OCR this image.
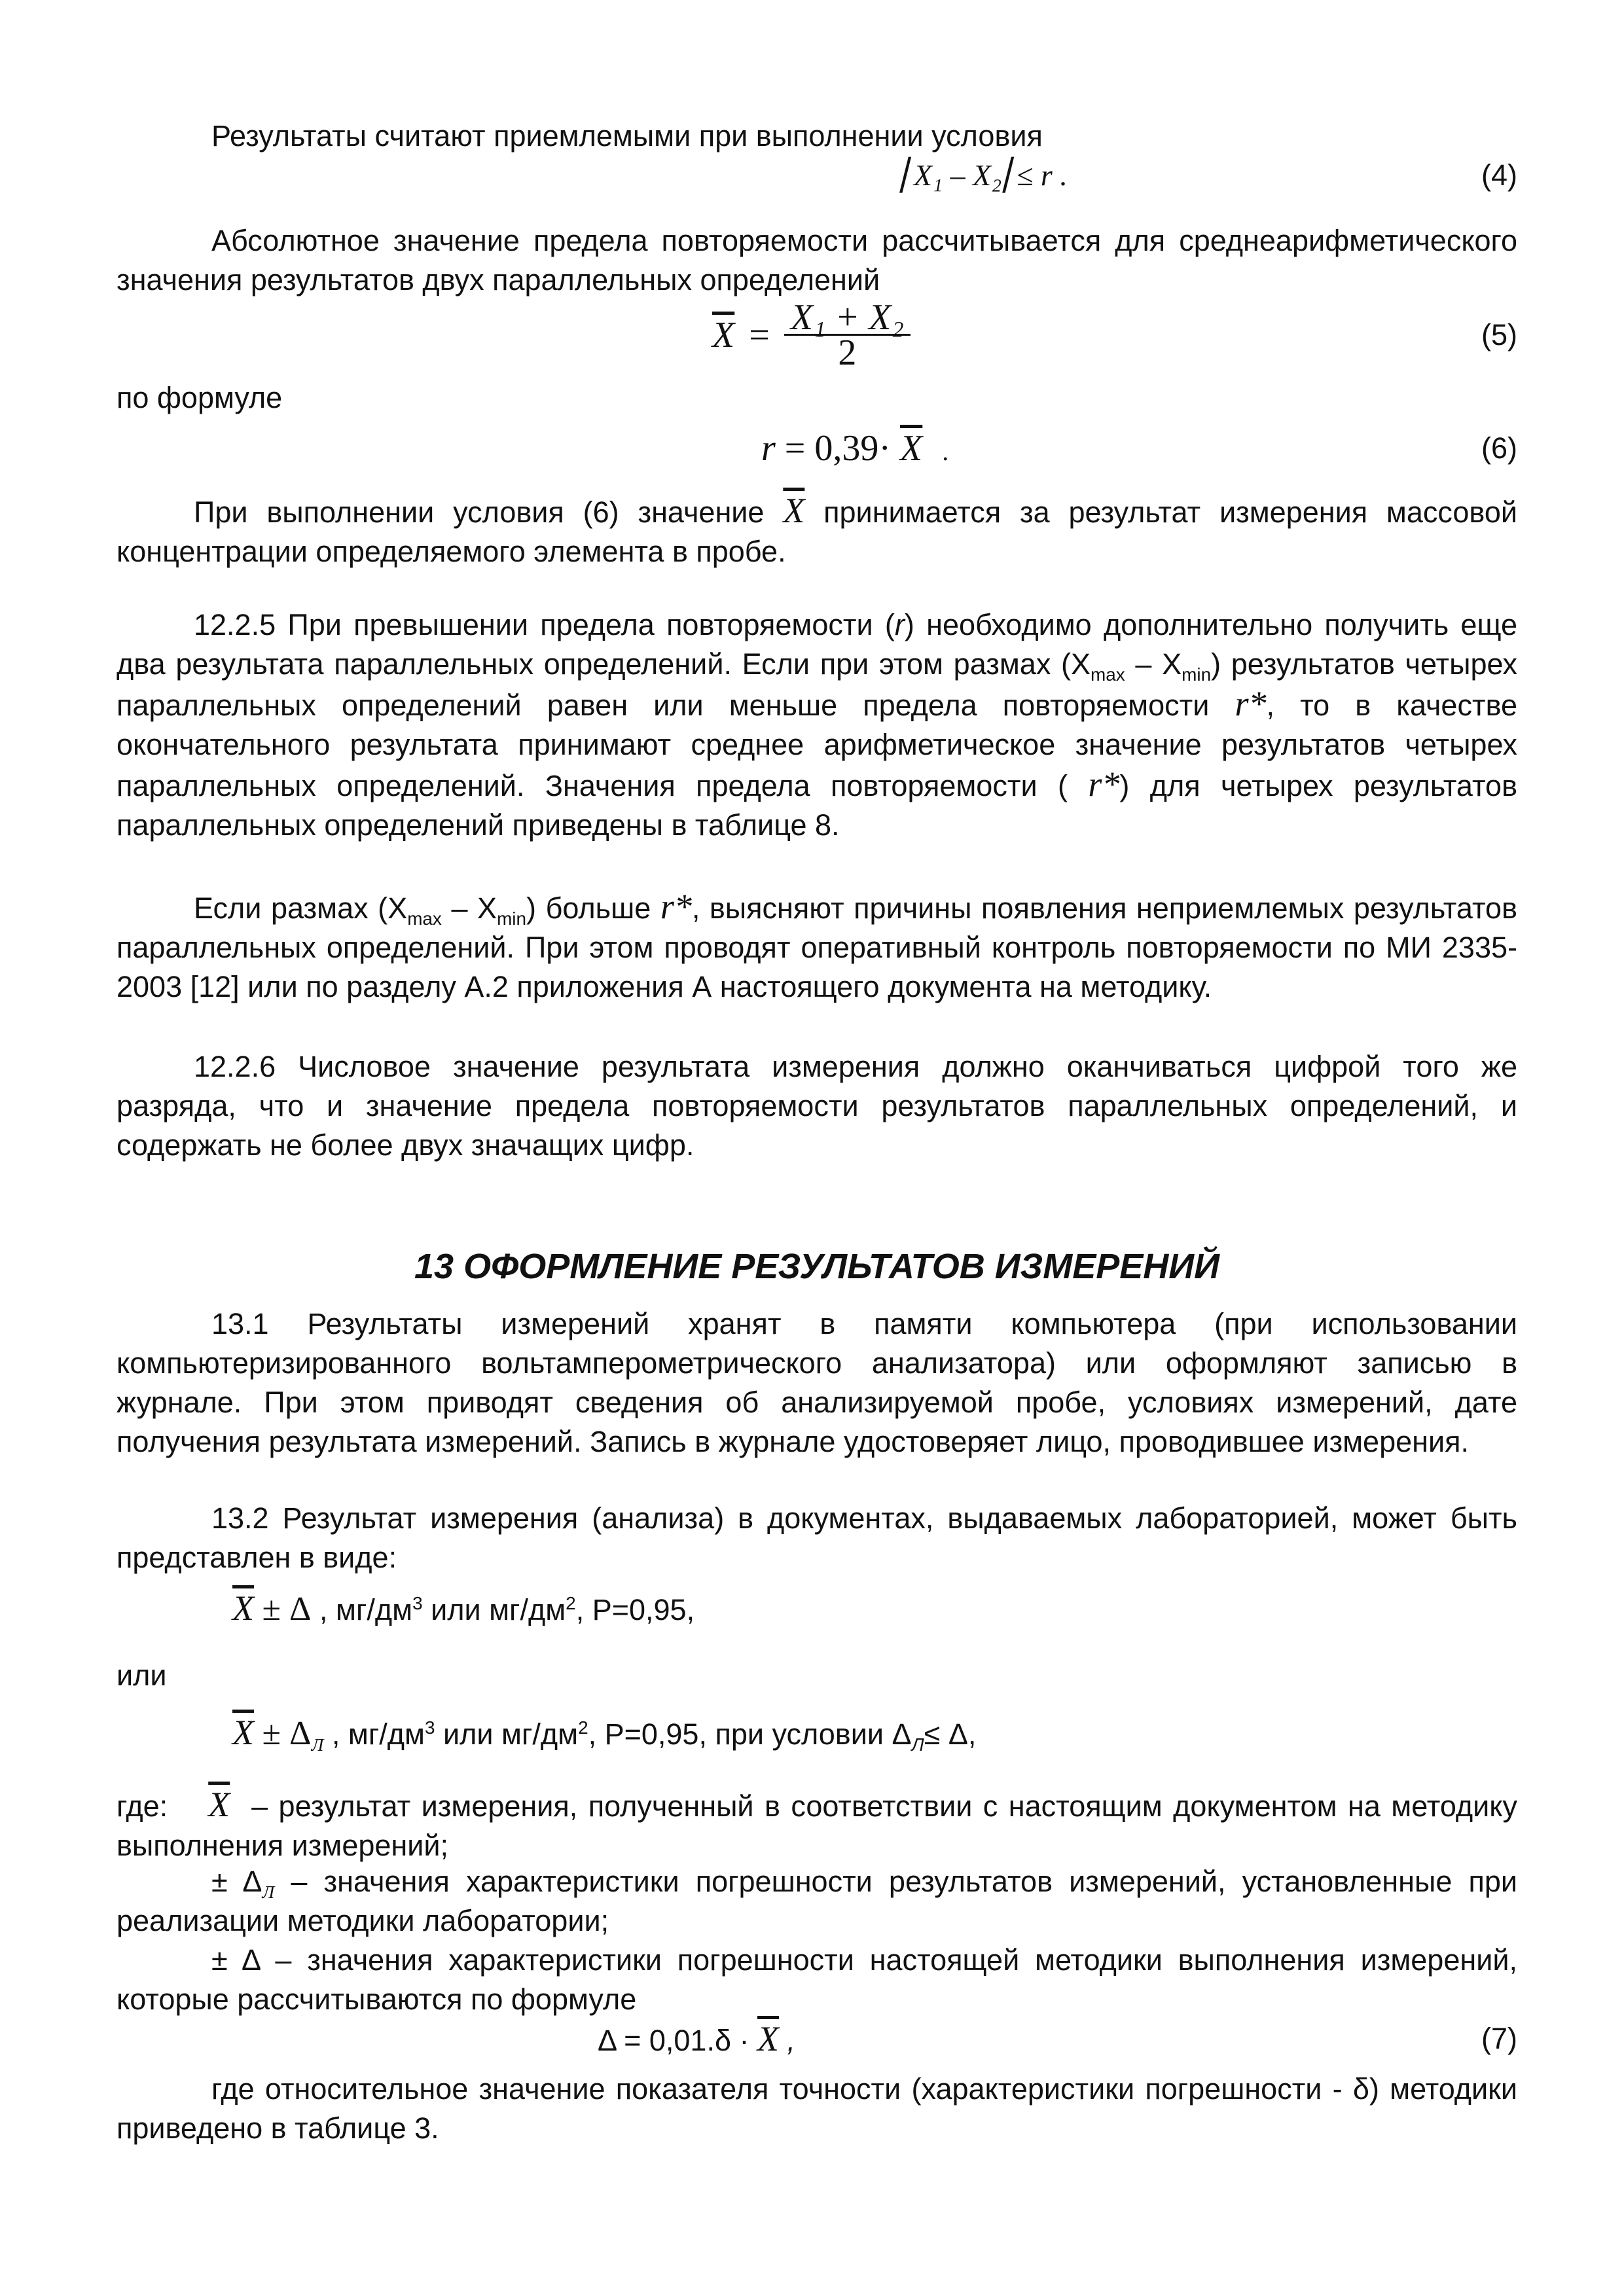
Результаты считают приемлемыми при выполнении условия

⎜X₁ – X₂⎜≤ r .	(4)

Абсолютное значение предела повторяемости рассчитывается для среднеарифметического значения результатов двух параллельных определений

$\overline{X} = \frac{\text{X₁ + X₂}}{2}$	(5)

по формуле

$r = 0,39\cdot \overline{X}$ .	(6)

При выполнении условия (6) значение $\overline{X}$ принимается за результат измерения массовой концентрации определяемого элемента в пробе.

12.2.5 При превышении предела повторяемости (r) необходимо дополнительно получить еще два результата параллельных определений. Если при этом размах $(X_{max} - X_{min})$ результатов четырех параллельных определений равен или меньше предела повторяемости r*, то в качестве окончательного результата принимают среднее арифметическое значение результатов четырех параллельных определений. Значения предела повторяемости ( r*) для четырех результатов параллельных определений приведены в таблице 8.

Если размах $(X_{max} - X_{min})$ больше r*, выясняют причины появления неприемлемых результатов параллельных определений. При этом проводят оперативный контроль повторяемости по МИ 2335-2003 [12] или по разделу А.2 приложения А настоящего документа на методику.

12.2.6 Числовое значение результата измерения должно оканчиваться цифрой того же разряда, что и значение предела повторяемости результатов параллельных определений, и содержать не более двух значащих цифр.

13 ОФОРМЛЕНИЕ РЕЗУЛЬТАТОВ ИЗМЕРЕНИЙ

13.1 Результаты измерений хранят в памяти компьютера (при использовании компьютеризированного вольтамперометрического анализатора) или оформляют записью в журнале. При этом приводят сведения об анализируемой пробе, условиях измерений, дате получения результата измерений. Запись в журнале удостоверяет лицо, проводившее измерения.

13.2 Результат измерения (анализа) в документах, выдаваемых лабораторией, может быть представлен в виде:

$\overline{X} \pm \Delta$ , $мг/дм^3$ или $мг/дм^2$, P=0,95,

или

$\overline{X} \pm \Delta_Л$ , $мг/дм^3$ или $мг/дм^2$, P=0,95, при условии $\Delta_Л\le \Delta$,

где: $\overline{X}$ – результат измерения, полученный в соответствии с настоящим документом на методику выполнения измерений;

± $\Delta_Л$ – значения характеристики погрешности результатов измерений, установленные при реализации методики лаборатории;

± Δ – значения характеристики погрешности настоящей методики выполнения измерений, которые рассчитываются по формуле

$\Delta = 0,01.\delta \cdot \overline{X}$ ,	(7)

где относительное значение показателя точности (характеристики погрешности - δ) методики приведено в таблице 3.
